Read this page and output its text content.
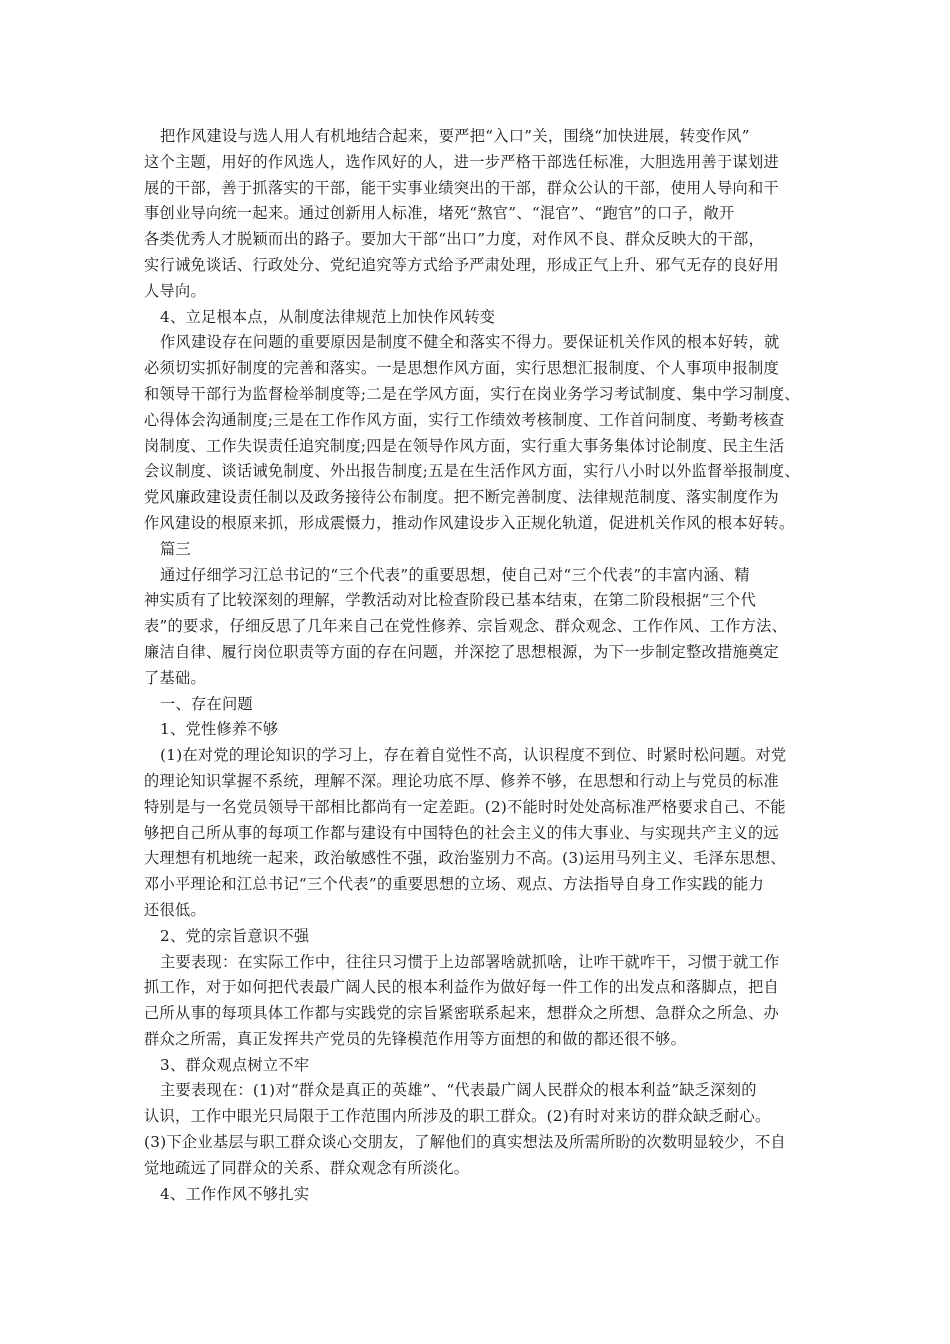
把作风建设与选人用人有机地结合起来，要严把“入口”关，围绕“加快进展，转变作风”
这个主题，用好的作风选人，选作风好的人，进一步严格干部选任标准，大胆选用善于谋划进
展的干部，善于抓落实的干部，能干实事业绩突出的干部，群众公认的干部，使用人导向和干
事创业导向统一起来。通过创新用人标准，堵死“熬官”、“混官”、“跑官”的口子，敞开
各类优秀人才脱颖而出的路子。要加大干部“出口”力度，对作风不良、群众反映大的干部，
实行诫免谈话、行政处分、党纪追究等方式给予严肃处理，形成正气上升、邪气无存的良好用
人导向。
4、立足根本点，从制度法律规范上加快作风转变
作风建设存在问题的重要原因是制度不健全和落实不得力。要保证机关作风的根本好转，就
必须切实抓好制度的完善和落实。一是思想作风方面，实行思想汇报制度、个人事项申报制度
和领导干部行为监督检举制度等;二是在学风方面，实行在岗业务学习考试制度、集中学习制度、
心得体会沟通制度;三是在工作作风方面，实行工作绩效考核制度、工作首问制度、考勤考核查
岗制度、工作失误责任追究制度;四是在领导作风方面，实行重大事务集体讨论制度、民主生活
会议制度、谈话诫免制度、外出报告制度;五是在生活作风方面，实行八小时以外监督举报制度、
党风廉政建设责任制以及政务接待公布制度。把不断完善制度、法律规范制度、落实制度作为
作风建设的根原来抓，形成震慑力，推动作风建设步入正规化轨道，促进机关作风的根本好转。
篇三
通过仔细学习江总书记的“三个代表”的重要思想，使自己对“三个代表”的丰富内涵、精
神实质有了比较深刻的理解，学教活动对比检查阶段已基本结束，在第二阶段根据“三个代
表”的要求，仔细反思了几年来自己在党性修养、宗旨观念、群众观念、工作作风、工作方法、
廉洁自律、履行岗位职责等方面的存在问题，并深挖了思想根源，为下一步制定整改措施奠定
了基础。
一、存在问题
1、党性修养不够
(1)在对党的理论知识的学习上，存在着自觉性不高，认识程度不到位、时紧时松问题。对党
的理论知识掌握不系统，理解不深。理论功底不厚、修养不够，在思想和行动上与党员的标准
特别是与一名党员领导干部相比都尚有一定差距。(2)不能时时处处高标准严格要求自己、不能
够把自己所从事的每项工作都与建设有中国特色的社会主义的伟大事业、与实现共产主义的远
大理想有机地统一起来，政治敏感性不强，政治鉴别力不高。(3)运用马列主义、毛泽东思想、
邓小平理论和江总书记“三个代表”的重要思想的立场、观点、方法指导自身工作实践的能力
还很低。
2、党的宗旨意识不强
主要表现：在实际工作中，往往只习惯于上边部署啥就抓啥，让咋干就咋干，习惯于就工作
抓工作，对于如何把代表最广阔人民的根本利益作为做好每一件工作的出发点和落脚点，把自
己所从事的每项具体工作都与实践党的宗旨紧密联系起来，想群众之所想、急群众之所急、办
群众之所需，真正发挥共产党员的先锋模范作用等方面想的和做的都还很不够。
3、群众观点树立不牢
主要表现在：(1)对“群众是真正的英雄”、“代表最广阔人民群众的根本利益”缺乏深刻的
认识，工作中眼光只局限于工作范围内所涉及的职工群众。(2)有时对来访的群众缺乏耐心。
(3)下企业基层与职工群众谈心交朋友，了解他们的真实想法及所需所盼的次数明显较少，不自
觉地疏远了同群众的关系、群众观念有所淡化。
4、工作作风不够扎实
